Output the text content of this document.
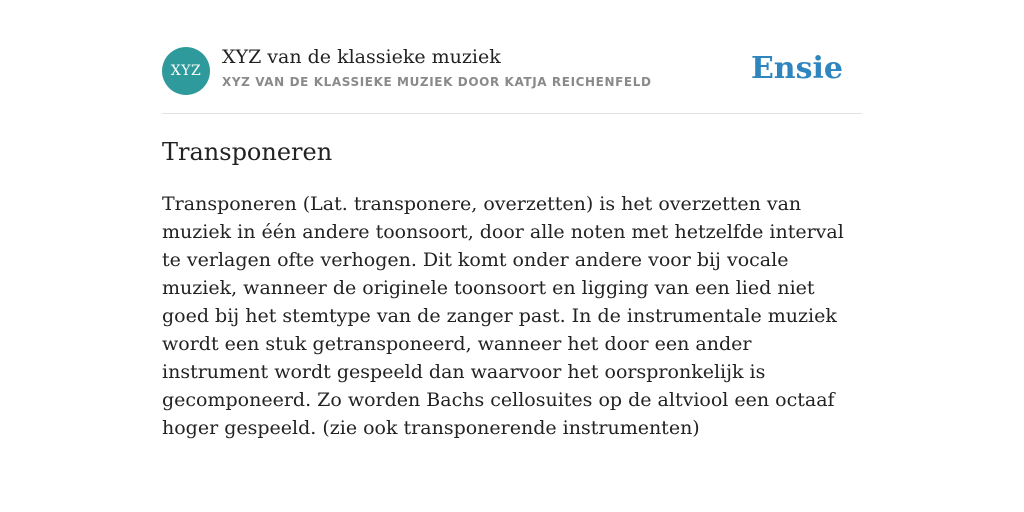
XYZ
XYZ van de klassieke muziek
XYZ VAN DE KLASSIEKE MUZIEK DOOR KATJA REICHENFELD	Ensie
Transponeren

Transponeren (Lat. transponere, overzetten) is het overzetten van muziek in één andere toonsoort, door alle noten met hetzelfde interval te verlagen ofte verhogen. Dit komt onder andere voor bij vocale muziek, wanneer de originele toonsoort en ligging van een lied niet goed bij het stemtype van de zanger past. In de instrumentale muziek wordt een stuk getransponeerd, wanneer het door een ander instrument wordt gespeeld dan waarvoor het oorspronkelijk is gecomponeerd. Zo worden Bachs cellosuites op de altviool een octaaf hoger gespeeld. (zie ook transponerende instrumenten)
